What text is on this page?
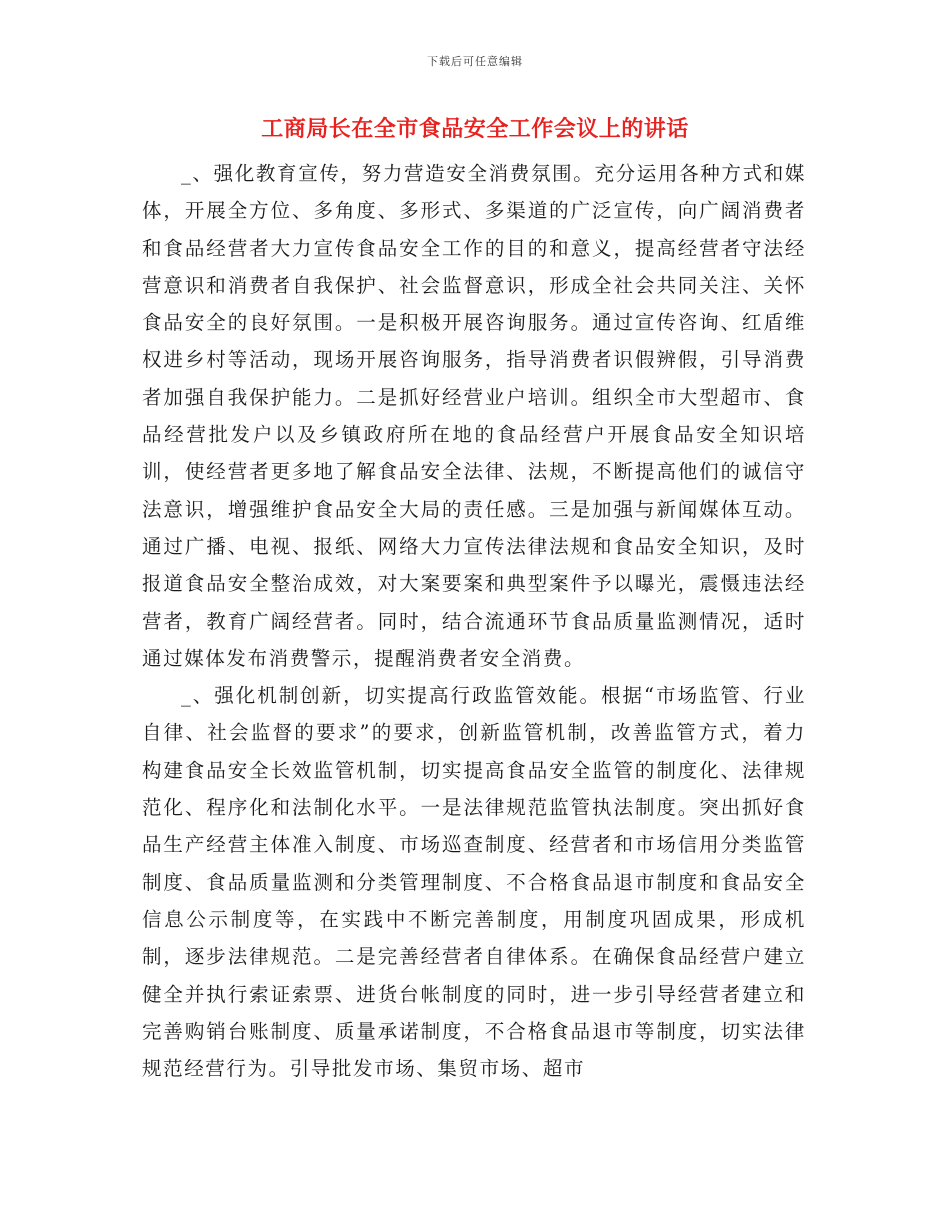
下载后可任意编辑
工商局长在全市食品安全工作会议上的讲话

_、强化教育宣传，努力营造安全消费氛围。充分运用各种方式和媒体，开展全方位、多角度、多形式、多渠道的广泛宣传，向广阔消费者和食品经营者大力宣传食品安全工作的目的和意义，提高经营者守法经营意识和消费者自我保护、社会监督意识，形成全社会共同关注、关怀食品安全的良好氛围。一是积极开展咨询服务。通过宣传咨询、红盾维权进乡村等活动，现场开展咨询服务，指导消费者识假辨假，引导消费者加强自我保护能力。二是抓好经营业户培训。组织全市大型超市、食品经营批发户以及乡镇政府所在地的食品经营户开展食品安全知识培训，使经营者更多地了解食品安全法律、法规，不断提高他们的诚信守法意识，增强维护食品安全大局的责任感。三是加强与新闻媒体互动。通过广播、电视、报纸、网络大力宣传法律法规和食品安全知识，及时报道食品安全整治成效，对大案要案和典型案件予以曝光，震慑违法经营者，教育广阔经营者。同时，结合流通环节食品质量监测情况，适时通过媒体发布消费警示，提醒消费者安全消费。

_、强化机制创新，切实提高行政监管效能。根据“市场监管、行业自律、社会监督的要求”的要求，创新监管机制，改善监管方式，着力构建食品安全长效监管机制，切实提高食品安全监管的制度化、法律规范化、程序化和法制化水平。一是法律规范监管执法制度。突出抓好食品生产经营主体准入制度、市场巡查制度、经营者和市场信用分类监管制度、食品质量监测和分类管理制度、不合格食品退市制度和食品安全信息公示制度等，在实践中不断完善制度，用制度巩固成果，形成机制，逐步法律规范。二是完善经营者自律体系。在确保食品经营户建立健全并执行索证索票、进货台帐制度的同时，进一步引导经营者建立和完善购销台账制度、质量承诺制度，不合格食品退市等制度，切实法律规范经营行为。引导批发市场、集贸市场、超市
